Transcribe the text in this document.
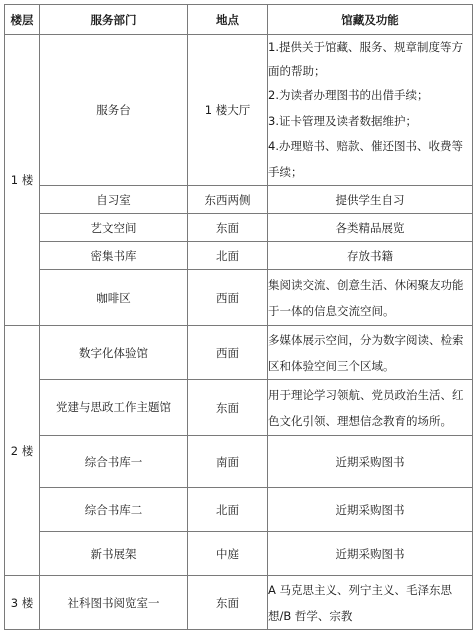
楼层	服务部门	地点	馆藏及功能
1 楼	服务台	1 楼大厅	1.提供关于馆藏、服务、规章制度等方面的帮助；
2.为读者办理图书的出借手续；
3.证卡管理及读者数据维护；
4.办理赔书、赔款、催还图书、收费等手续；

	自习室	东西两侧	提供学生自习
	艺文空间	东面	各类精品展览
	密集书库	北面	存放书籍
	咖啡区	西面	集阅读交流、创意生活、休闲聚友功能于一体的信息交流空间。

2 楼	数字化体验馆	西面	多媒体展示空间，分为数字阅读、检索区和体验空间三个区域。

	党建与思政工作主题馆	东面	用于理论学习领航、党员政治生活、红色文化引领、理想信念教育的场所。

	综合书库一	南面	近期采购图书
	综合书库二	北面	近期采购图书
	新书展架	中庭	近期采购图书
3 楼	社科图书阅览室一	东面	A 马克思主义、列宁主义、毛泽东思想/B 哲学、宗教
